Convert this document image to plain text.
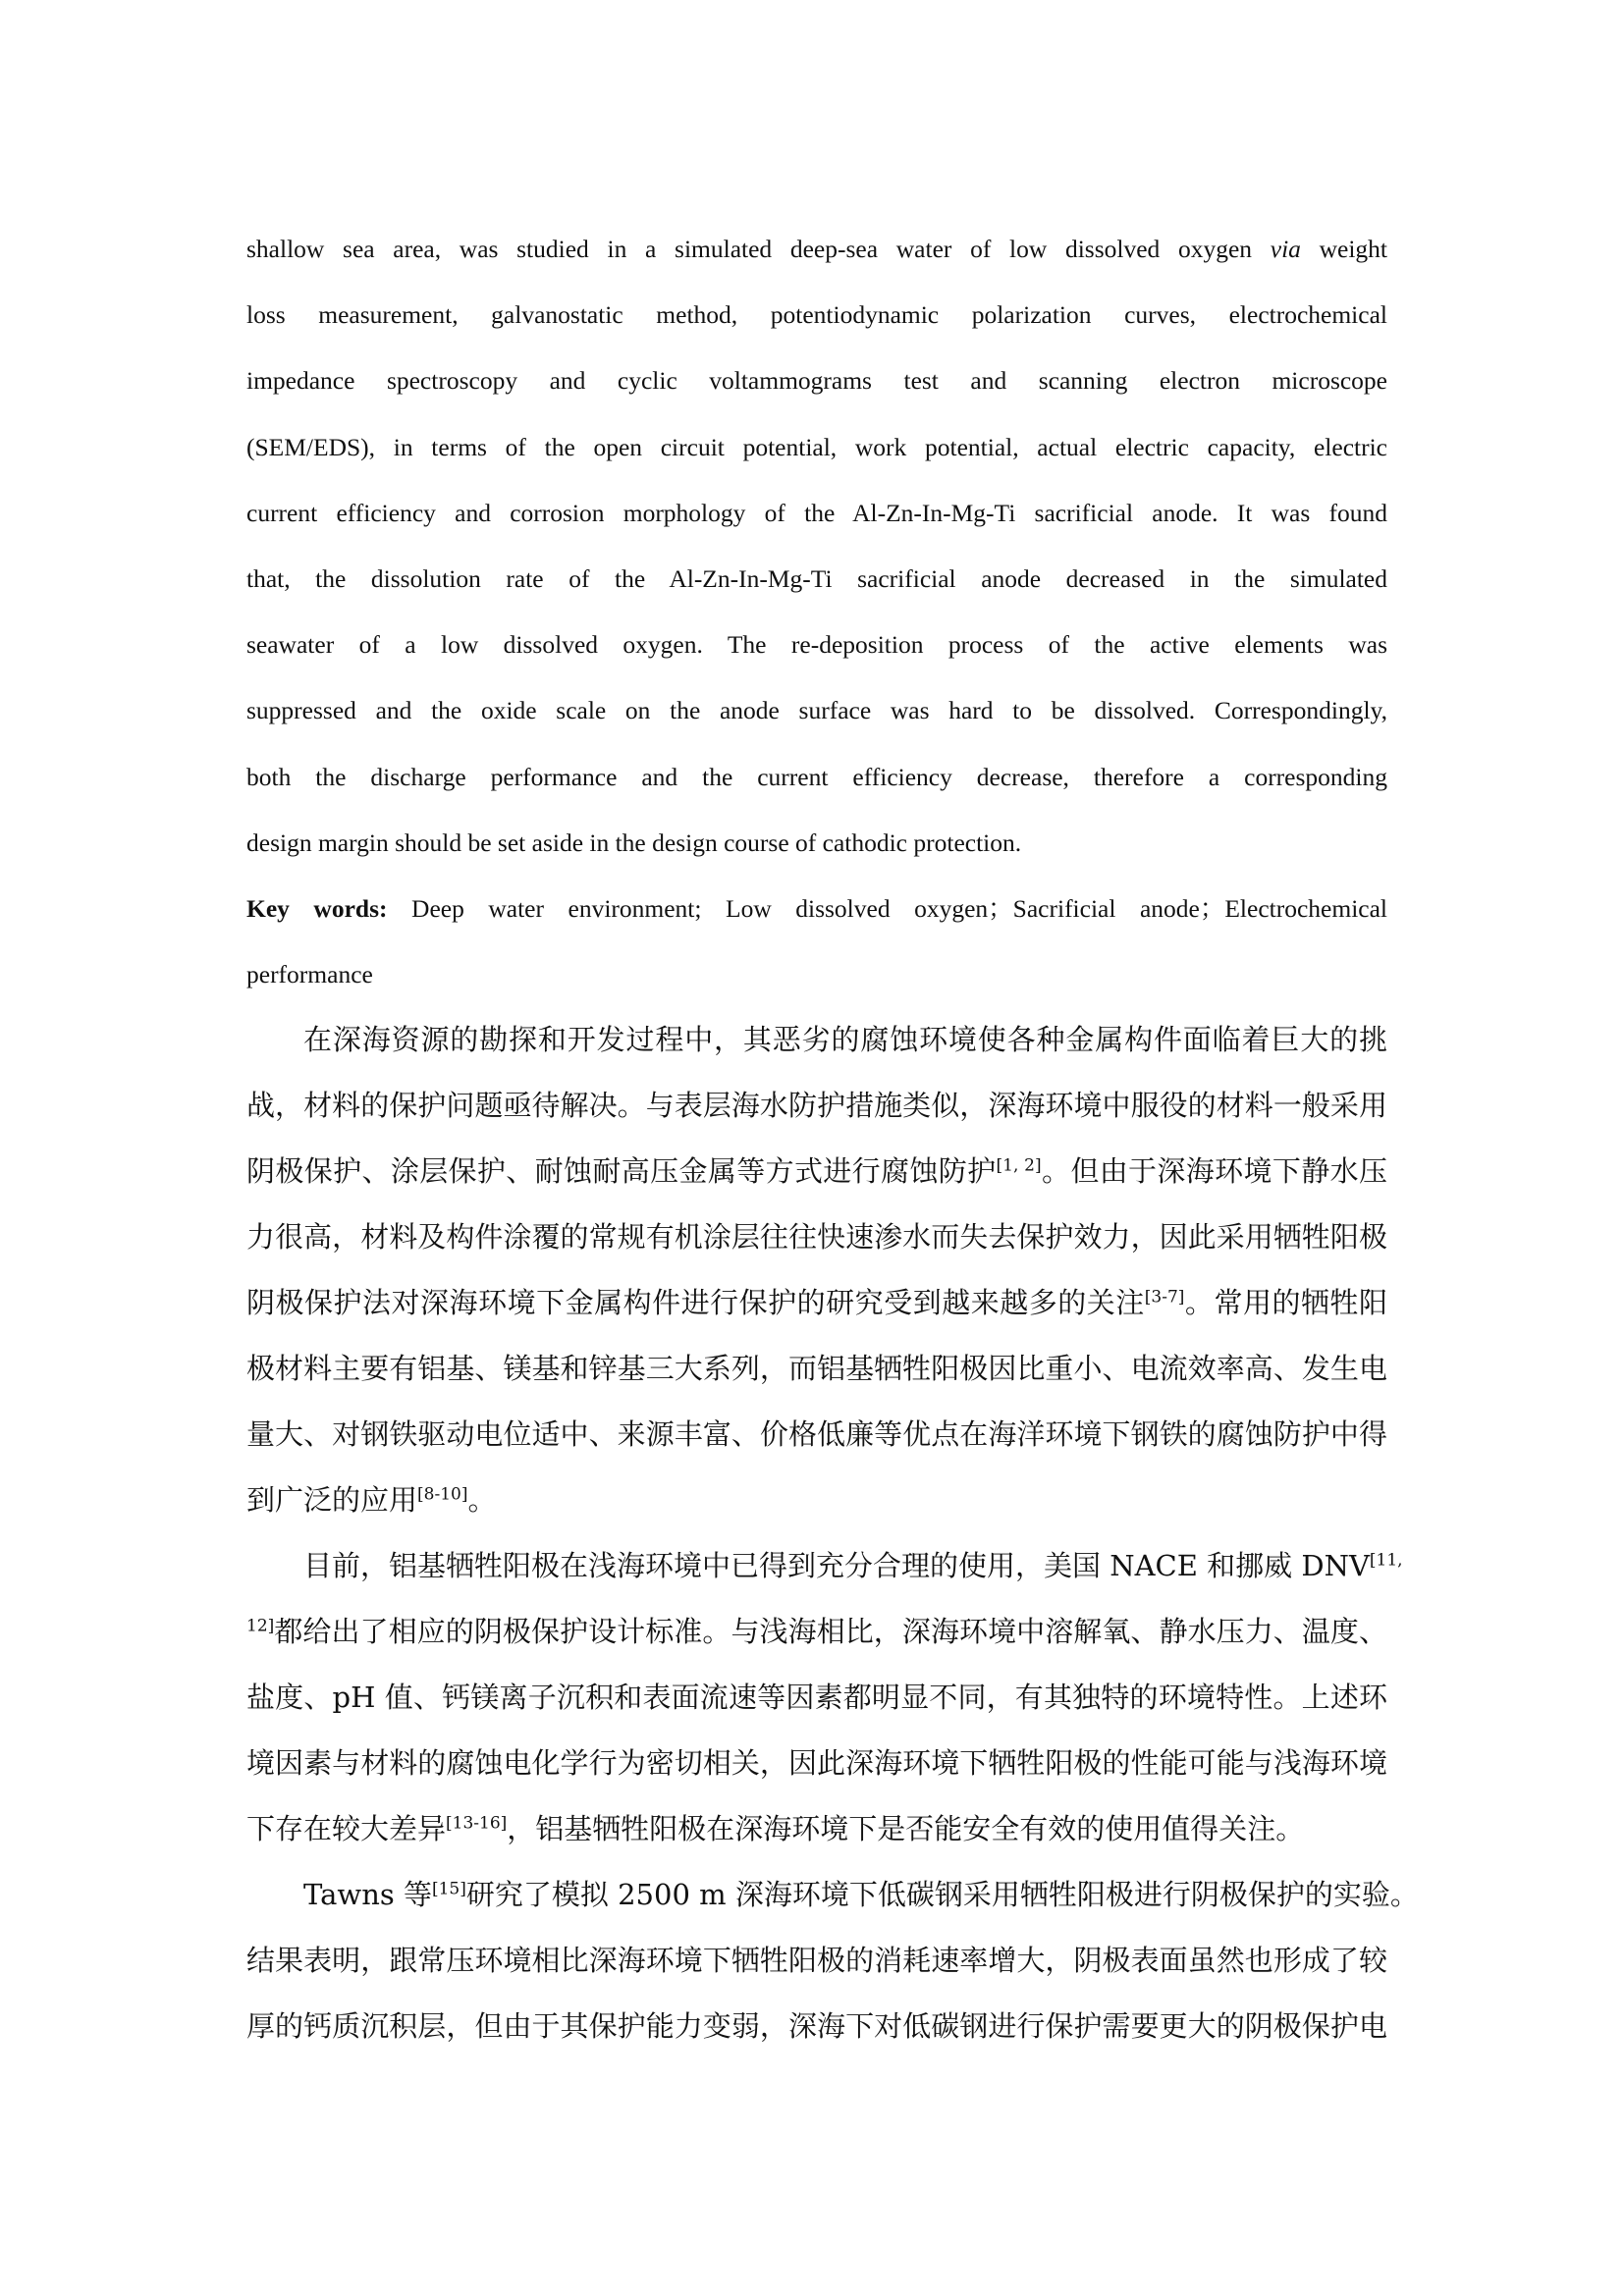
shallow sea area, was studied in a simulated deep-sea water of low dissolved oxygen via weight
loss measurement, galvanostatic method, potentiodynamic polarization curves, electrochemical
impedance spectroscopy and cyclic voltammograms test and scanning electron microscope
(SEM/EDS), in terms of the open circuit potential, work potential, actual electric capacity, electric
current efficiency and corrosion morphology of the Al-Zn-In-Mg-Ti sacrificial anode. It was found
that, the dissolution rate of the Al-Zn-In-Mg-Ti sacrificial anode decreased in the simulated
seawater of a low dissolved oxygen. The re-deposition process of the active elements was
suppressed and the oxide scale on the anode surface was hard to be dissolved. Correspondingly,
both the discharge performance and the current efficiency decrease, therefore a corresponding
design margin should be set aside in the design course of cathodic protection.
Key words: Deep water environment; Low dissolved oxygen；Sacrificial anode；Electrochemical
performance
在深海资源的勘探和开发过程中，其恶劣的腐蚀环境使各种金属构件面临着巨大的挑
战，材料的保护问题亟待解决。与表层海水防护措施类似，深海环境中服役的材料一般采用
阴极保护、涂层保护、耐蚀耐高压金属等方式进行腐蚀防护[1, 2]。但由于深海环境下静水压
力很高，材料及构件涂覆的常规有机涂层往往快速渗水而失去保护效力，因此采用牺牲阳极
阴极保护法对深海环境下金属构件进行保护的研究受到越来越多的关注[3-7]。常用的牺牲阳
极材料主要有铝基、镁基和锌基三大系列，而铝基牺牲阳极因比重小、电流效率高、发生电
量大、对钢铁驱动电位适中、来源丰富、价格低廉等优点在海洋环境下钢铁的腐蚀防护中得
到广泛的应用[8-10]。
目前，铝基牺牲阳极在浅海环境中已得到充分合理的使用，美国 NACE 和挪威 $DNV^{[11,}$
$^{12]}$都给出了相应的阴极保护设计标准。与浅海相比，深海环境中溶解氧、静水压力、温度、
盐度、pH 值、钙镁离子沉积和表面流速等因素都明显不同，有其独特的环境特性。上述环
境因素与材料的腐蚀电化学行为密切相关，因此深海环境下牺牲阳极的性能可能与浅海环境
下存在较大差异[13-16]，铝基牺牲阳极在深海环境下是否能安全有效的使用值得关注。
Tawns 等[15]研究了模拟 2500 m 深海环境下低碳钢采用牺牲阳极进行阴极保护的实验。
结果表明，跟常压环境相比深海环境下牺牲阳极的消耗速率增大，阴极表面虽然也形成了较
厚的钙质沉积层，但由于其保护能力变弱，深海下对低碳钢进行保护需要更大的阴极保护电
